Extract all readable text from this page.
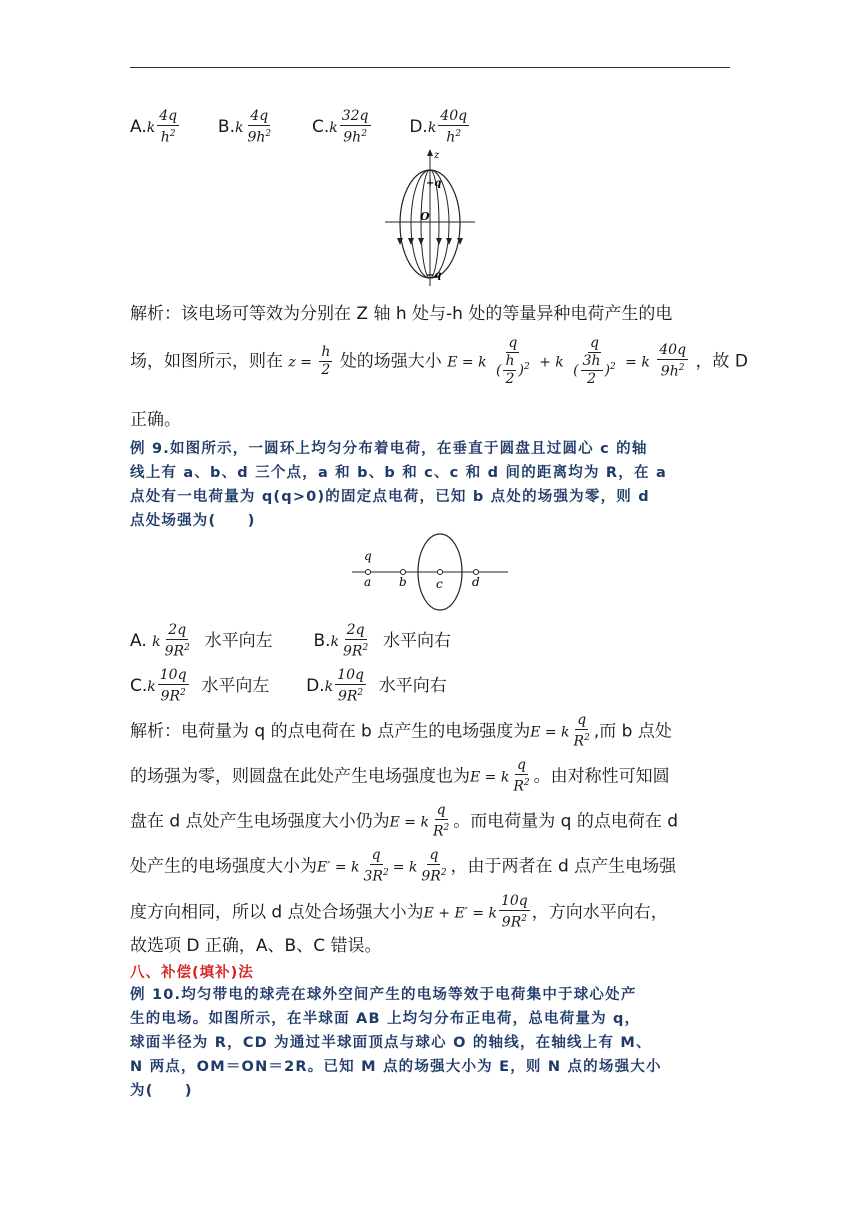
$A.k \frac{4q}{h^2} B.k \frac{4q}{9h^2} C.k \frac{32q}{9h^2} D.k \frac{40q}{h^2}$
z
+q
O
−q
解析：该电场可等效为分别在 Z 轴 h 处与-h 处的等量异种电荷产生的电
场，如图所示，则在 $z = \frac{h}{2}$ 处的场强大小 E = k $\frac{q}{( \frac{h}{2} )^2} + k \frac{q}{( \frac{3h}{2} )^2} = k \frac{40q}{9h^2}$ ，故 D
正确。
例 9.如图所示，一圆环上均匀分布着电荷，在垂直于圆盘且过圆心 c 的轴
线上有 a、b、d 三个点，a 和 b、b 和 c、c 和 d 间的距离均为 R，在 a
点处有一电荷量为 q(q>0)的固定点电荷，已知 b 点处的场强为零，则 d
点处场强为(　　)
q
a b c d
A. k $\frac{2q}{9R^2}$ 水平向左 $B.k \frac{2q}{9R^2}$ 水平向右
$C.k \frac{10q}{9R^2}$ 水平向左 $D.k \frac{10q}{9R^2}$ 水平向右
解析：电荷量为 q 的点电荷在 b 点产生的电场强度为E = k $\frac{q}{R^2}$ ,而 b 点处
的场强为零，则圆盘在此处产生电场强度也为E = k $\frac{q}{R^2}$ 。由对称性可知圆
盘在 d 点处产生电场强度大小仍为E = k $\frac{q}{R^2}$ 。而电荷量为 q 的点电荷在 d
处产生的电场强度大小为E′ = k $\frac{q}{3R^2} = k \frac{q}{9R^2}$ ，由于两者在 d 点产生电场强
度方向相同，所以 d 点处合场强大小为E + E′ = k $\frac{10q}{9R^2}$ ，方向水平向右，
故选项 D 正确，A、B、C 错误。
八、补偿(填补)法
例 10.均匀带电的球壳在球外空间产生的电场等效于电荷集中于球心处产
生的电场。如图所示，在半球面 AB 上均匀分布正电荷，总电荷量为 q，
球面半径为 R，CD 为通过半球面顶点与球心 O 的轴线，在轴线上有 M、
N 两点，OM＝ON＝2R。已知 M 点的场强大小为 E，则 N 点的场强大小
为(　　)
